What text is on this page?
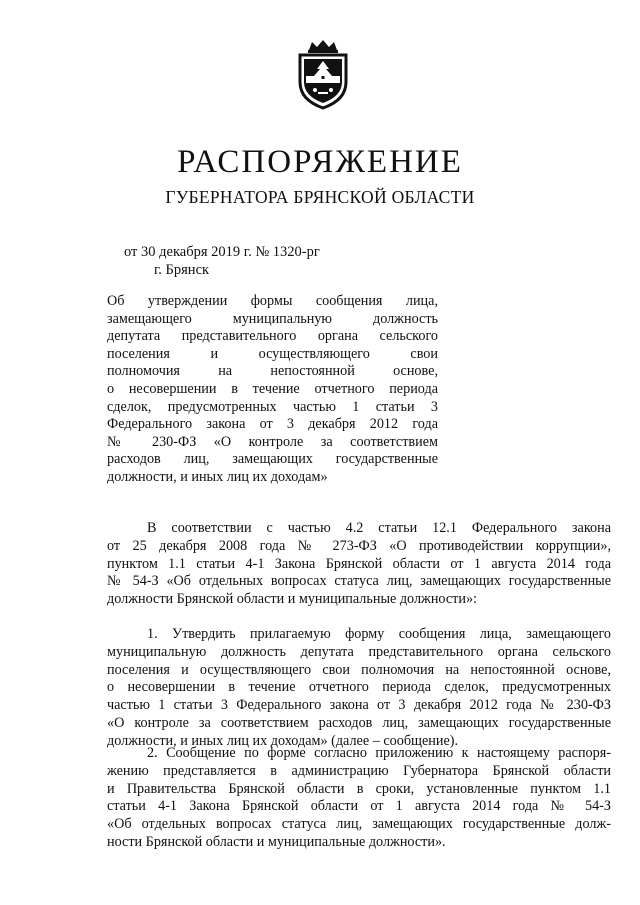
РАСПОРЯЖЕНИЕ
ГУБЕРНАТОРА БРЯНСКОЙ ОБЛАСТИ
от 30 декабря 2019 г. № 1320-рг
г. Брянск
Об утверждении формы сообщения лица,
замещающего муниципальную должность
депутата представительного органа сельского
поселения и осуществляющего свои
полномочия на непостоянной основе,
о несовершении в течение отчетного периода
сделок, предусмотренных частью 1 статьи 3
Федерального закона от 3 декабря 2012 года
№ 230-ФЗ «О контроле за соответствием
расходов лиц, замещающих государственные
должности, и иных лиц их доходам»
В соответствии с частью 4.2 статьи 12.1 Федерального закона
от 25 декабря 2008 года № 273-ФЗ «О противодействии коррупции»,
пунктом 1.1 статьи 4-1 Закона Брянской области от 1 августа 2014 года
№ 54-З «Об отдельных вопросах статуса лиц, замещающих государственные
должности Брянской области и муниципальные должности»:
1. Утвердить прилагаемую форму сообщения лица, замещающего
муниципальную должность депутата представительного органа сельского
поселения и осуществляющего свои полномочия на непостоянной основе,
о несовершении в течение отчетного периода сделок, предусмотренных
частью 1 статьи 3 Федерального закона от 3 декабря 2012 года № 230-ФЗ
«О контроле за соответствием расходов лиц, замещающих государственные
должности, и иных лиц их доходам» (далее – сообщение).
2. Сообщение по форме согласно приложению к настоящему распоря-
жению представляется в администрацию Губернатора Брянской области
и Правительства Брянской области в сроки, установленные пунктом 1.1
статьи 4-1 Закона Брянской области от 1 августа 2014 года № 54-З
«Об отдельных вопросах статуса лиц, замещающих государственные долж-
ности Брянской области и муниципальные должности».
